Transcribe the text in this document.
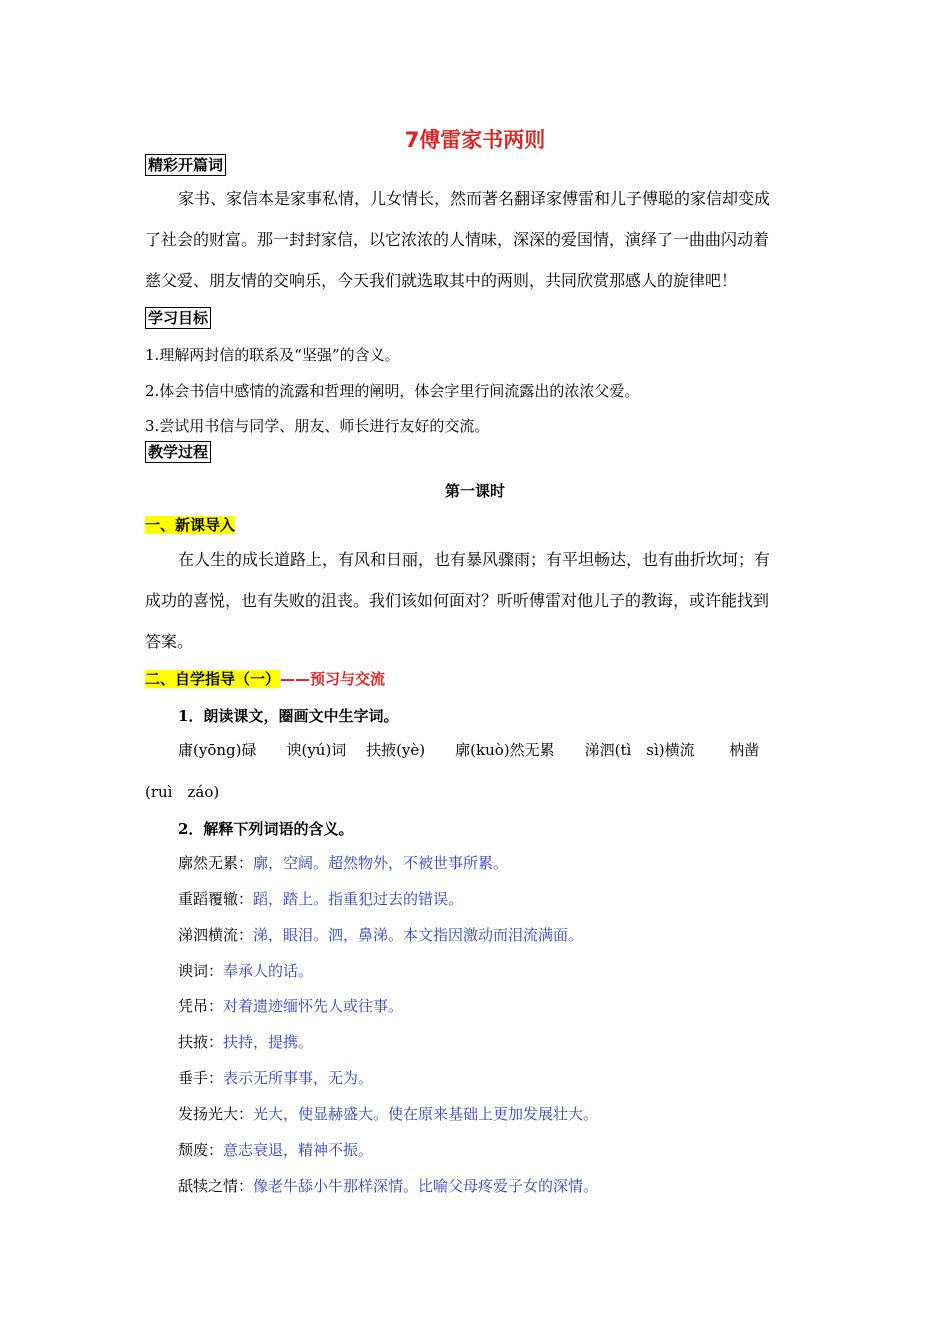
7傅雷家书两则
精彩开篇词
家书、家信本是家事私情，儿女情长，然而著名翻译家傅雷和儿子傅聪的家信却变成
了社会的财富。那一封封家信，以它浓浓的人情味，深深的爱国情，演绎了一曲曲闪动着
慈父爱、朋友情的交响乐，今天我们就选取其中的两则，共同欣赏那感人的旋律吧！
学习目标
1.理解两封信的联系及“坚强”的含义。
2.体会书信中感情的流露和哲理的阐明，体会字里行间流露出的浓浓父爱。
3.尝试用书信与同学、朋友、师长进行友好的交流。
教学过程
第一课时
一、新课导入
在人生的成长道路上，有风和日丽，也有暴风骤雨；有平坦畅达，也有曲折坎坷；有
成功的喜悦，也有失败的沮丧。我们该如何面对？听听傅雷对他儿子的教诲，或许能找到
答案。
二、自学指导（一）——预习与交流
1．朗读课文，圈画文中生字词。
庸(yōng)碌　　谀(yú)词　 扶掖(yè)　　廓(kuò)然无累　　涕泗(tì　sì)横流　　 枘凿
(ruì　záo)
2．解释下列词语的含义。
廓然无累：廓，空阔。超然物外，不被世事所累。
重蹈覆辙：蹈，踏上。指重犯过去的错误。
涕泗横流：涕，眼泪。泗，鼻涕。本文指因激动而泪流满面。
谀词：奉承人的话。
凭吊：对着遗迹缅怀先人或往事。
扶掖：扶持，提携。
垂手：表示无所事事，无为。
发扬光大：光大，使显赫盛大。使在原来基础上更加发展壮大。
颓废：意志衰退，精神不振。
舐犊之情：像老牛舔小牛那样深情。比喻父母疼爱子女的深情。
